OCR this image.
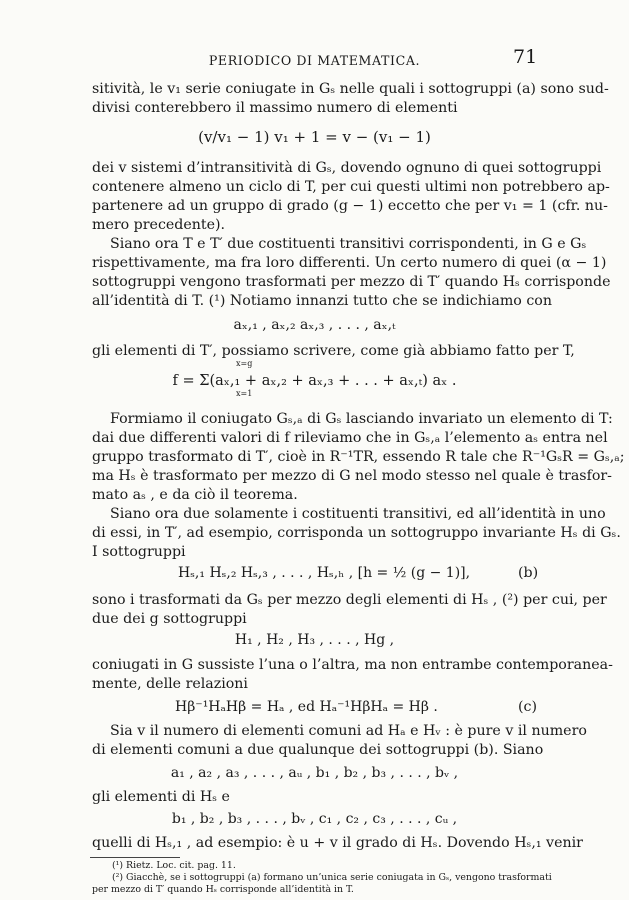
PERIODICO DI MATEMATICA.	71
sitività, le v₁ serie coniugate in Gₛ nelle quali i sottogruppi (a) sono sud-
divisi conterebbero il massimo numero di elementi
(v/v₁ − 1) v₁ + 1 = v − (v₁ − 1)
dei v sistemi d’intransitività di Gₛ, dovendo ognuno di quei sottogruppi
contenere almeno un ciclo di T, per cui questi ultimi non potrebbero ap-
partenere ad un gruppo di grado (g − 1) eccetto che per v₁ = 1 (cfr. nu-
mero precedente).
Siano ora T e T′ due costituenti transitivi corrispondenti, in G e Gₛ
rispettivamente, ma fra loro differenti. Un certo numero di quei (α − 1)
sottogruppi vengono trasformati per mezzo di T′ quando Hₛ corrisponde
all’identità di T. (¹) Notiamo innanzi tutto che se indichiamo con
aₓ,₁ , aₓ,₂ aₓ,₃ , . . . , aₓ,ₜ
gli elementi di T′, possiamo scrivere, come già abbiamo fatto per T,
x=g
f = Σ(aₓ,₁ + aₓ,₂ + aₓ,₃ + . . . + aₓ,ₜ) aₓ .
x=1
Formiamo il coniugato Gₛ,ₐ di Gₛ lasciando invariato un elemento di T:
dai due differenti valori di f rileviamo che in Gₛ,ₐ l’elemento aₛ entra nel
gruppo trasformato di T′, cioè in R⁻¹TR, essendo R tale che R⁻¹GₛR = Gₛ,ₐ;
ma Hₛ è trasformato per mezzo di G nel modo stesso nel quale è trasfor-
mato aₛ , e da ciò il teorema.
Siano ora due solamente i costituenti transitivi, ed all’identità in uno
di essi, in T′, ad esempio, corrisponda un sottogruppo invariante Hₛ di Gₛ.
I sottogruppi
Hₛ,₁ Hₛ,₂ Hₛ,₃ , . . . , Hₛ,ₕ , [h = ½ (g − 1)],	(b)
sono i trasformati da Gₛ per mezzo degli elementi di Hₛ , (²) per cui, per
due dei g sottogruppi
H₁ , H₂ , H₃ , . . . , Hg ,
coniugati in G sussiste l’una o l’altra, ma non entrambe contemporanea-
mente, delle relazioni
Hβ⁻¹HₐHβ = Hₐ , ed Hₐ⁻¹HβHₐ = Hβ .	(c)
Sia v il numero di elementi comuni ad Hₐ e Hᵥ : è pure v il numero
di elementi comuni a due qualunque dei sottogruppi (b). Siano
a₁ , a₂ , a₃ , . . . , aᵤ , b₁ , b₂ , b₃ , . . . , bᵥ ,
gli elementi di Hₛ e
b₁ , b₂ , b₃ , . . . , bᵥ , c₁ , c₂ , c₃ , . . . , cᵤ ,
quelli di Hₛ,₁ , ad esempio: è u + v il grado di Hₛ. Dovendo Hₛ,₁ venir
(¹) Rietz. Loc. cit. pag. 11.
(²) Giacchè, se i sottogruppi (a) formano un’unica serie coniugata in Gₛ, vengono trasformati
per mezzo di T′ quando Hₛ corrisponde all’identità in T.
